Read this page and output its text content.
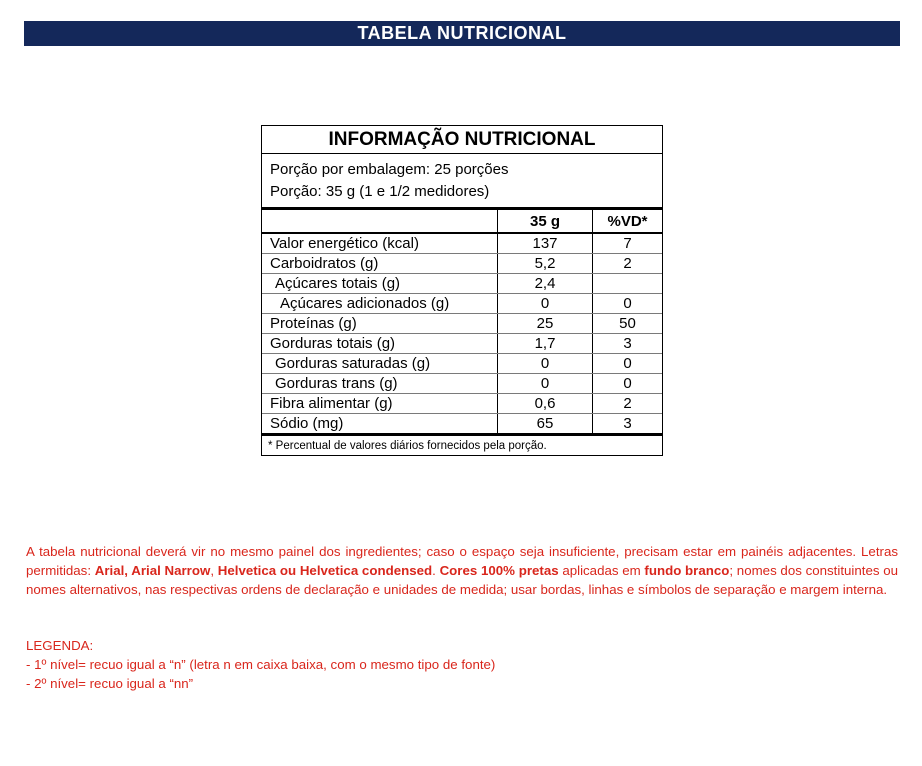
TABELA NUTRICIONAL
INFORMAÇÃO NUTRICIONAL
Porção por embalagem: 25 porções
Porção: 35 g (1 e 1/2 medidores)
	35 g	%VD*
Valor energético (kcal)	137	7
Carboidratos (g)	5,2	2
Açúcares totais (g)	2,4	
Açúcares adicionados (g)	0	0
Proteínas (g)	25	50
Gorduras totais (g)	1,7	3
Gorduras saturadas (g)	0	0
Gorduras trans (g)	0	0
Fibra alimentar (g)	0,6	2
Sódio (mg)	65	3
* Percentual de valores diários fornecidos pela porção.
A tabela nutricional deverá vir no mesmo painel dos ingredientes; caso o espaço seja insuficiente, precisam estar em painéis adjacentes. Letras permitidas: Arial, Arial Narrow, Helvetica ou Helvetica condensed. Cores 100% pretas aplicadas em fundo branco; nomes dos constituintes ou nomes alternativos, nas respectivas ordens de declaração e unidades de medida; usar bordas, linhas e símbolos de separação e margem interna.
LEGENDA:
- 1º nível= recuo igual a “n” (letra n em caixa baixa, com o mesmo tipo de fonte)
- 2º nível= recuo igual a “nn”
